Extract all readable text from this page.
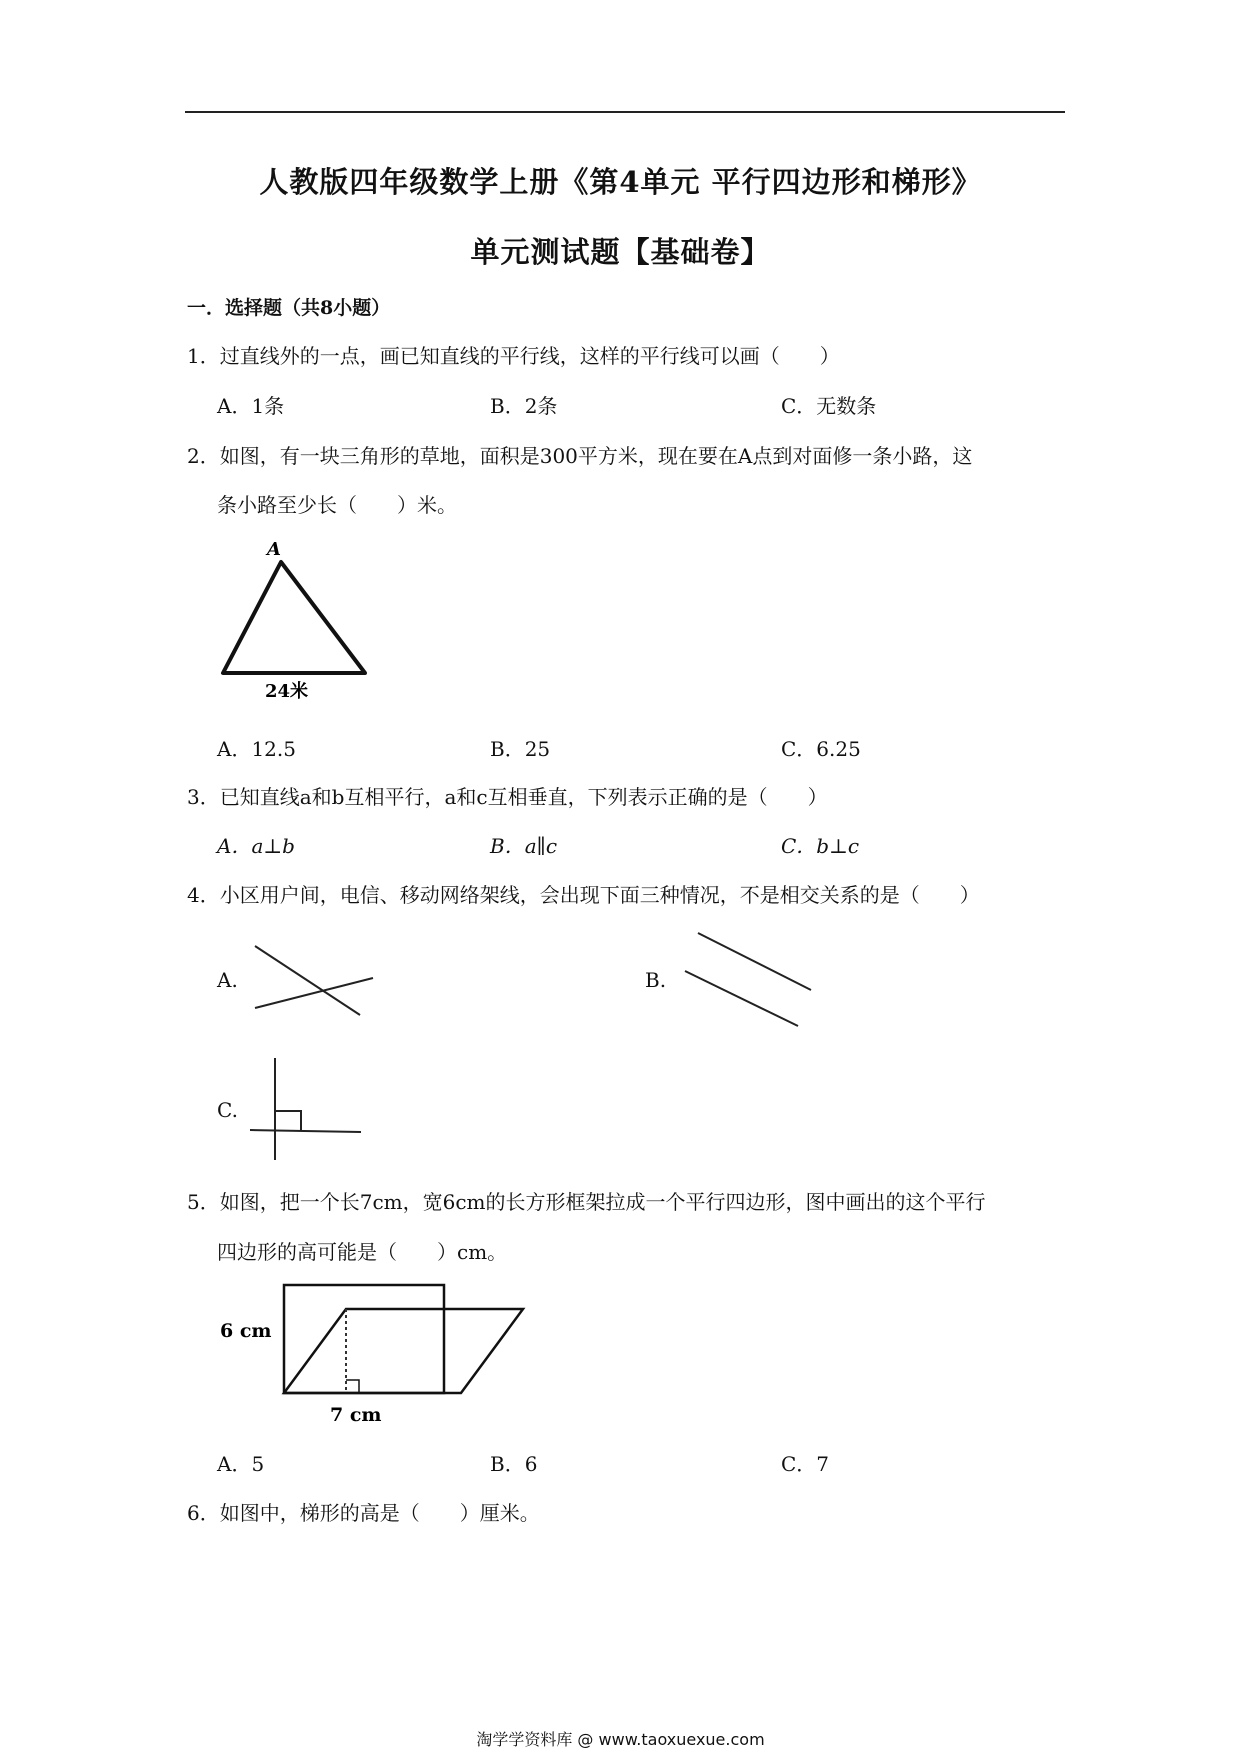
人教版四年级数学上册《第4单元 平行四边形和梯形》
单元测试题【基础卷】
一．选择题（共8小题）
1．过直线外的一点，画已知直线的平行线，这样的平行线可以画（　　）
A．1条	B．2条	C．无数条
2．如图，有一块三角形的草地，面积是300平方米，现在要在A点到对面修一条小路，这
条小路至少长（　　）米。
A
24米
A．12.5	B．25	C．6.25
3．已知直线a和b互相平行，a和c互相垂直，下列表示正确的是（　　）
A．a⊥b	B．a∥c	C．b⊥c
4．小区用户间，电信、移动网络架线，会出现下面三种情况，不是相交关系的是（　　）
A.	B.
C.
5．如图，把一个长7cm，宽6cm的长方形框架拉成一个平行四边形，图中画出的这个平行
四边形的高可能是（　　）cm。
6 cm
7 cm
A．5	B．6	C．7
6．如图中，梯形的高是（　　）厘米。
淘学学资料库 @ www.taoxuexue.com
